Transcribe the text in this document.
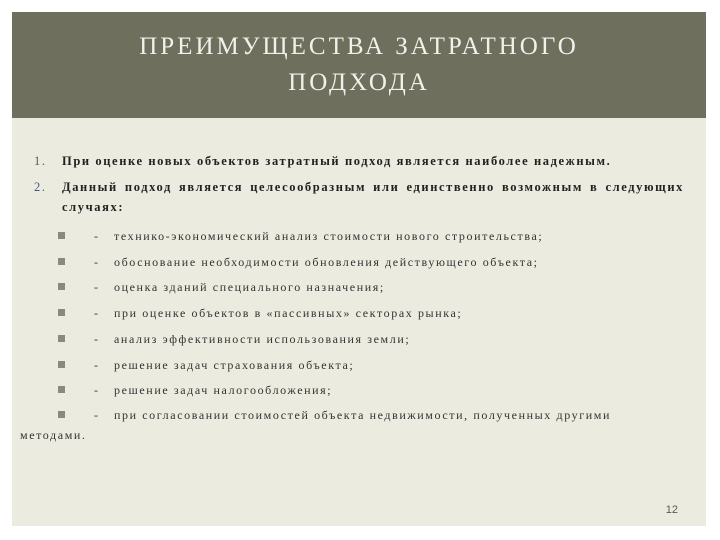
ПРЕИМУЩЕСТВА ЗАТРАТНОГО ПОДХОДА
1.	При оценке новых объектов затратный подход является наиболее надежным.
2.	Данный подход является целесообразным или единственно возможным в следующих случаях:
-	технико-экономический анализ стоимости нового строительства;
-	обоснование необходимости обновления действующего объекта;
-	оценка зданий специального назначения;
-	при оценке объектов в «пассивных» секторах рынка;
-	анализ эффективности использования земли;
-	решение задач страхования объекта;
-	решение задач налогообложения;
-	при согласовании стоимостей объекта недвижимости, полученных другими
методами.
12
